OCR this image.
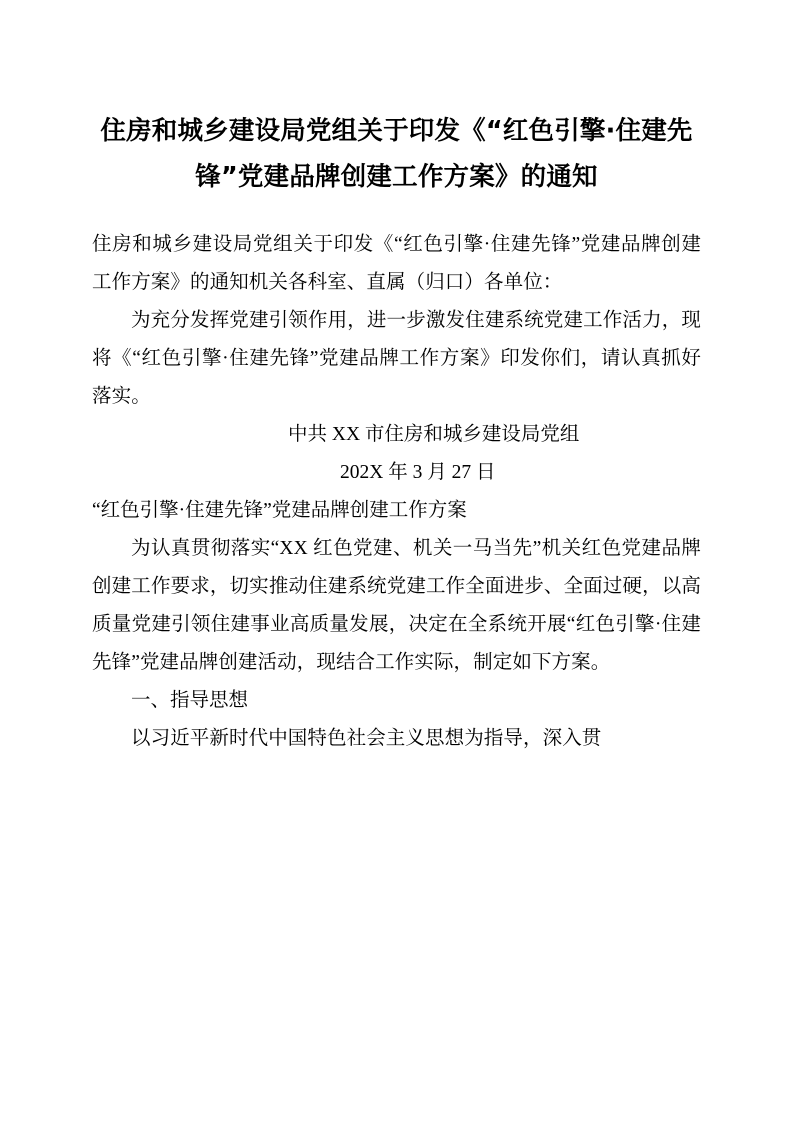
住房和城乡建设局党组关于印发《“红色引擎·住建先锋”党建品牌创建工作方案》的通知

住房和城乡建设局党组关于印发《“红色引擎·住建先锋”党建品牌创建工作方案》的通知机关各科室、直属（归口）各单位：

为充分发挥党建引领作用，进一步激发住建系统党建工作活力，现将《“红色引擎·住建先锋”党建品牌工作方案》印发你们，请认真抓好落实。

中共 XX 市住房和城乡建设局党组

202X 年 3 月 27 日

“红色引擎·住建先锋”党建品牌创建工作方案

为认真贯彻落实“XX 红色党建、机关一马当先”机关红色党建品牌创建工作要求，切实推动住建系统党建工作全面进步、全面过硬，以高质量党建引领住建事业高质量发展，决定在全系统开展“红色引擎·住建先锋”党建品牌创建活动，现结合工作实际，制定如下方案。

一、指导思想

以习近平新时代中国特色社会主义思想为指导，深入贯
